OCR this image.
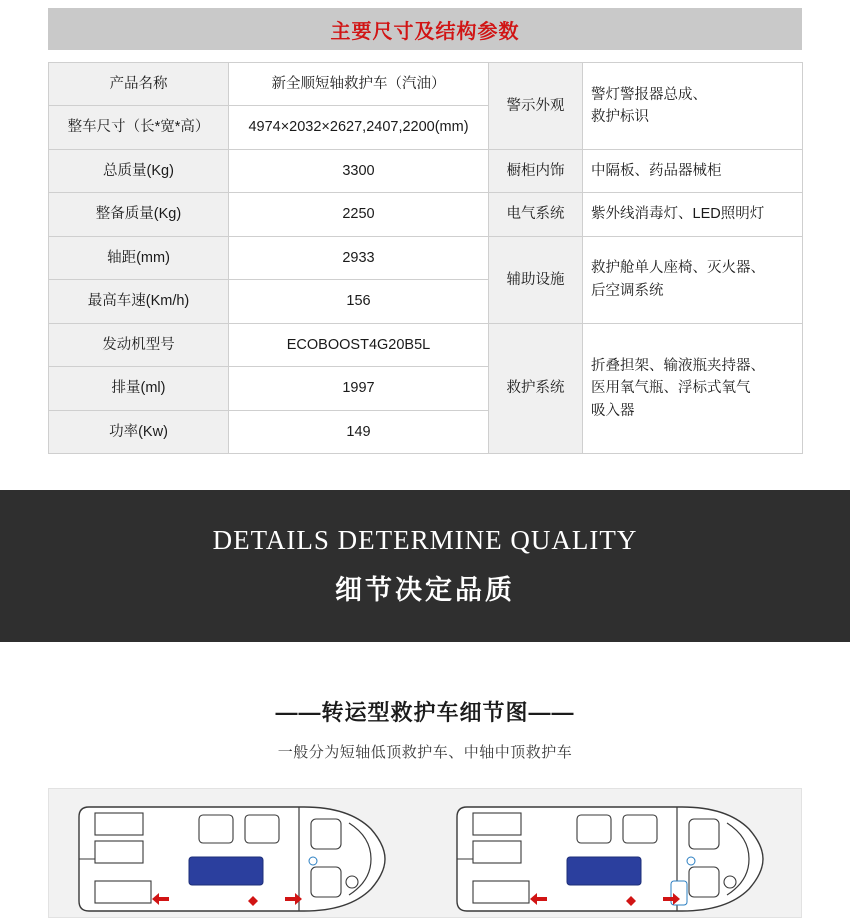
主要尺寸及结构参数
产品名称	新全顺短轴救护车（汽油）	警示外观	警灯警报器总成、
救护标识

整车尺寸（长*宽*高）	4974×2032×2627,2407,2200(mm)		
总质量(Kg)	3300	橱柜内饰	中隔板、药品器械柜

整备质量(Kg)	2250	电气系统	紫外线消毒灯、LED照明灯

轴距(mm)	2933	辅助设施	救护舱单人座椅、灭火器、
后空调系统

最高车速(Km/h)	156		
发动机型号	ECOBOOST4G20B5L	救护系统	折叠担架、输液瓶夹持器、
医用氧气瓶、浮标式氧气
吸入器

排量(ml)	1997		
功率(Kw)	149		
DETAILS DETERMINE QUALITY
细节决定品质
——转运型救护车细节图——
一般分为短轴低顶救护车、中轴中顶救护车
